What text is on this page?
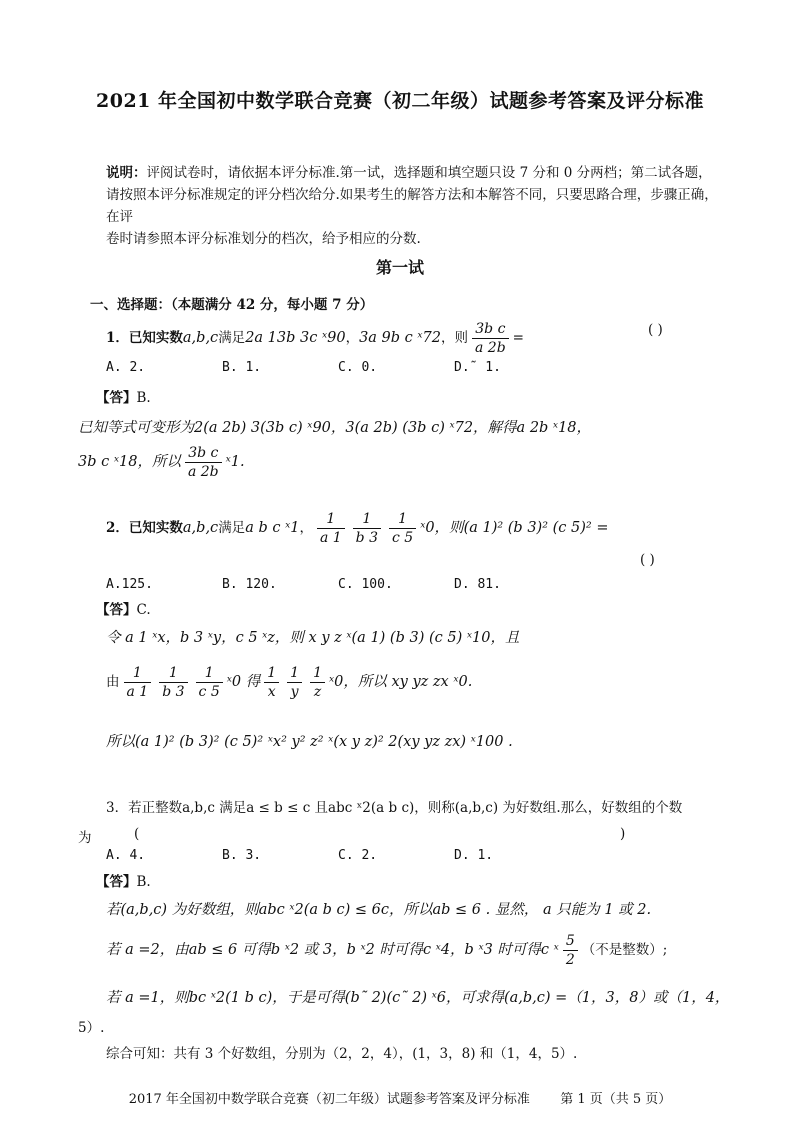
2021 年全国初中数学联合竞赛（初二年级）试题参考答案及评分标准

说明：评阅试卷时，请依据本评分标准.第一试，选择题和填空题只设 7 分和 0 分两档；第二试各题，

请按照本评分标准规定的评分档次给分.如果考生的解答方法和本解答不同，只要思路合理，步骤正确，在评

卷时请参照本评分标准划分的档次，给予相应的分数.

第一试
一、选择题：（本题满分 42 分，每小题 7 分）
1．已知实数a,b,c满足2a 13b 3c ˣ90，3a 9b c ˣ72，则 $\frac{\text{3b c}}{a 2b}$ =	( )
A. 2.	B. 1.	C. 0.	D.˜ 1.
【答】B.
已知等式可变形为2(a 2b) 3(3b c) ˣ90，3(a 2b) (3b c) ˣ72，解得a 2b ˣ18，
3b c ˣ18，所以 $\frac{\text{3b c}}{a 2b}$ ˣ1.
2．已知实数a,b,c满足a b c ˣ1， $\frac{1}{a 1} \frac{1}{b 3} \frac{1}{c 5}$ ˣ0，则(a 1)² (b 3)² (c 5)² =
( )
A.125.	B. 120.	C. 100.	D. 81.
【答】C.
令 a 1 ˣx，b 3 ˣy，c 5 ˣz，则 x y z ˣ(a 1) (b 3) (c 5) ˣ10，且
由 $\frac{1}{a 1} \frac{1}{b 3} \frac{1}{c 5}$ ˣ0 得 $\frac{1}{x} \frac{1}{y} \frac{1}{z}$ ˣ0，所以 xy yz zx ˣ0.
所以(a 1)² (b 3)² (c 5)² ˣx² y² z² ˣ(x y z)² 2(xy yz zx) ˣ100 .
3．若正整数a,b,c 满足a ≤ b ≤ c 且abc ˣ2(a b c)，则称(a,b,c) 为好数组.那么，好数组的个数
为	(	)
A. 4.	B. 3.	C. 2.	D. 1.
【答】B.
若(a,b,c) 为好数组，则abc ˣ2(a b c) ≤ 6c，所以ab ≤ 6 . 显然， a 只能为 1 或 2.
若 a =2，由ab ≤ 6 可得b ˣ2 或 3，b ˣ2 时可得c ˣ4，b ˣ3 时可得c ˣ $\frac{5}{2}$ （不是整数）;
若 a =1，则bc ˣ2(1 b c)，于是可得(b˜ 2)(c˜ 2) ˣ6，可求得(a,b,c) =（1，3，8）或（1，4，
5）.
综合可知：共有 3 个好数组，分别为（2，2，4），(1，3，8) 和（1，4，5）.
2017 年全国初中数学联合竞赛（初二年级）试题参考答案及评分标准 第 1 页（共 5 页）
